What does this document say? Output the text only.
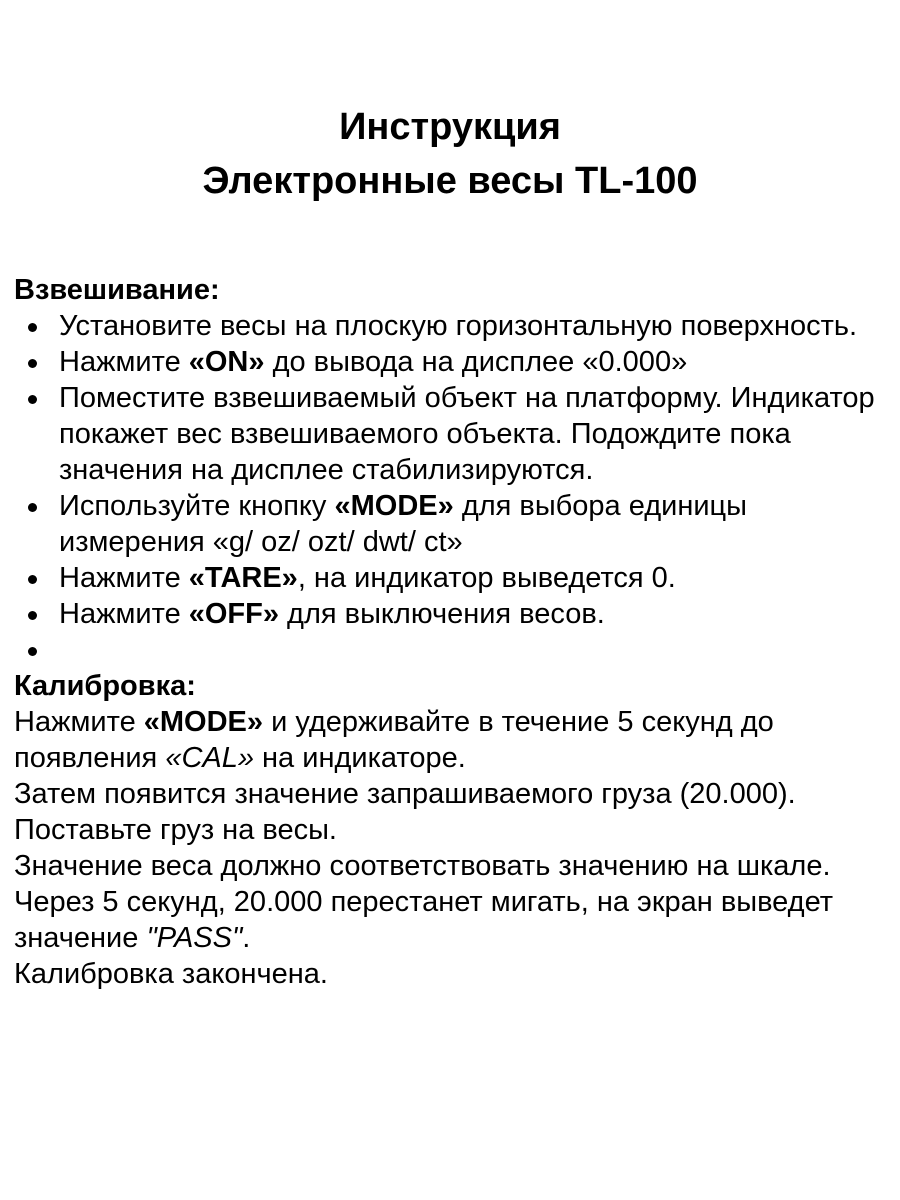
Инструкция
Электронные весы TL-100
Взвешивание:
Установите весы на плоскую горизонтальную поверхность.
Нажмите «ON» до вывода на дисплее «0.000»
Поместите взвешиваемый объект на платформу. Индикатор покажет вес взвешиваемого объекта. Подождите пока значения на дисплее стабилизируются.
Используйте кнопку «MODE» для выбора единицы измерения «g/ oz/ ozt/ dwt/ ct»
Нажмите «TARE», на индикатор выведется 0.
Нажмите «OFF» для выключения весов.
Калибровка:

Нажмите «MODE» и удерживайте в течение 5 секунд до появления «CAL» на индикаторе.

Затем появится значение запрашиваемого груза (20.000).

Поставьте груз на весы.

Значение веса должно соответствовать значению на шкале.

Через 5 секунд, 20.000 перестанет мигать, на экран выведет значение "PASS".

Калибровка закончена.
